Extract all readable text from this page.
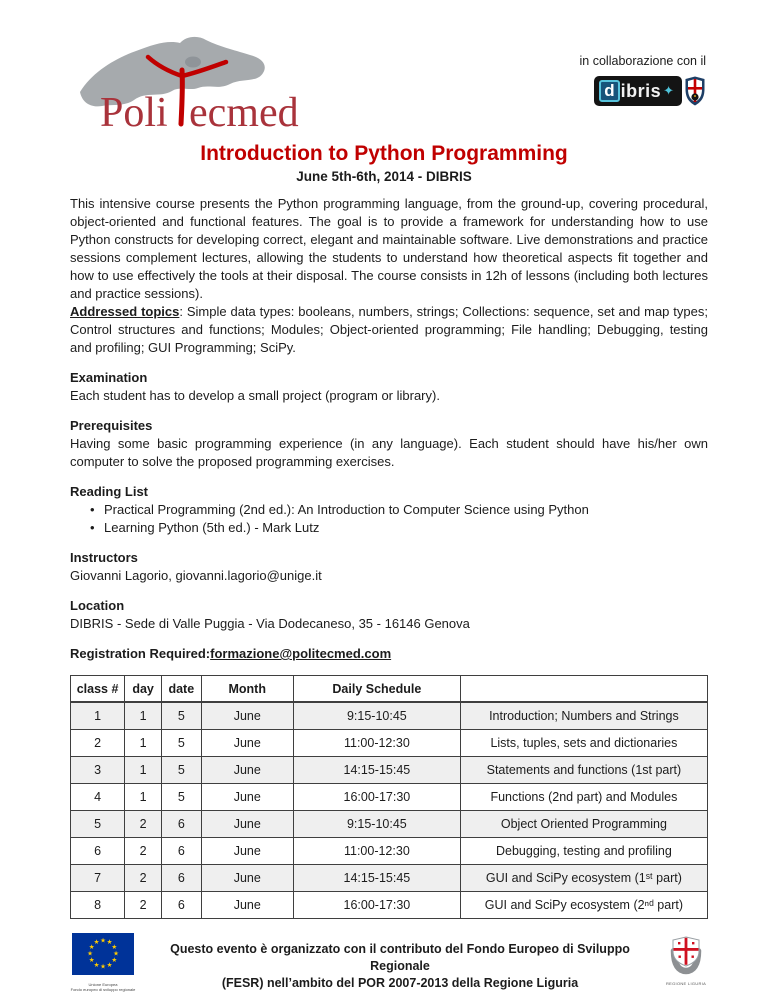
Poli ecmed
in collaborazione con il
d ibris ✦
Introduction to Python Programming
June 5th-6th, 2014 - DIBRIS
This intensive course presents the Python programming language, from the ground-up, covering procedural, object-oriented and functional features. The goal is to provide a framework for understanding how to use Python constructs for developing correct, elegant and maintainable software. Live demonstrations and practice sessions complement lectures, allowing the students to understand how theoretical aspects fit together and how to use effectively the tools at their disposal. The course consists in 12h of lessons (including both lectures and practice sessions).
Addressed topics: Simple data types: booleans, numbers, strings; Collections: sequence, set and map types; Control structures and functions; Modules; Object-oriented programming; File handling; Debugging, testing and profiling; GUI Programming; SciPy.
Examination
Each student has to develop a small project (program or library).
Prerequisites
Having some basic programming experience (in any language). Each student should have his/her own computer to solve the proposed programming exercises.
Reading List
• Practical Programming (2nd ed.): An Introduction to Computer Science using Python
• Learning Python (5th ed.) - Mark Lutz
Instructors
Giovanni Lagorio, giovanni.lagorio@unige.it
Location
DIBRIS - Sede di Valle Puggia - Via Dodecaneso, 35 - 16146 Genova
Registration Required:formazione@politecmed.com
class #	day	date	Month	Daily Schedule	
1	1	5	June	9:15-10:45	Introduction; Numbers and Strings
2	1	5	June	11:00-12:30	Lists, tuples, sets and dictionaries
3	1	5	June	14:15-15:45	Statements and functions (1st part)
4	1	5	June	16:00-17:30	Functions (2nd part) and Modules
5	2	6	June	9:15-10:45	Object Oriented Programming
6	2	6	June	11:00-12:30	Debugging, testing and profiling
7	2	6	June	14:15-15:45	GUI and SciPy ecosystem (1ˢᵗ part)
8	2	6	June	16:00-17:30	GUI and SciPy ecosystem (2ⁿᵈ part)
★ ★
★
★
★
★
★
★
★
★
★
★
Unione Europea
Fondo europeo di sviluppo regionale
Questo evento è organizzato con il contributo del Fondo Europeo di Sviluppo Regionale
(FESR) nell’ambito del POR 2007-2013 della Regione Liguria	REGIONE LIGURIA
